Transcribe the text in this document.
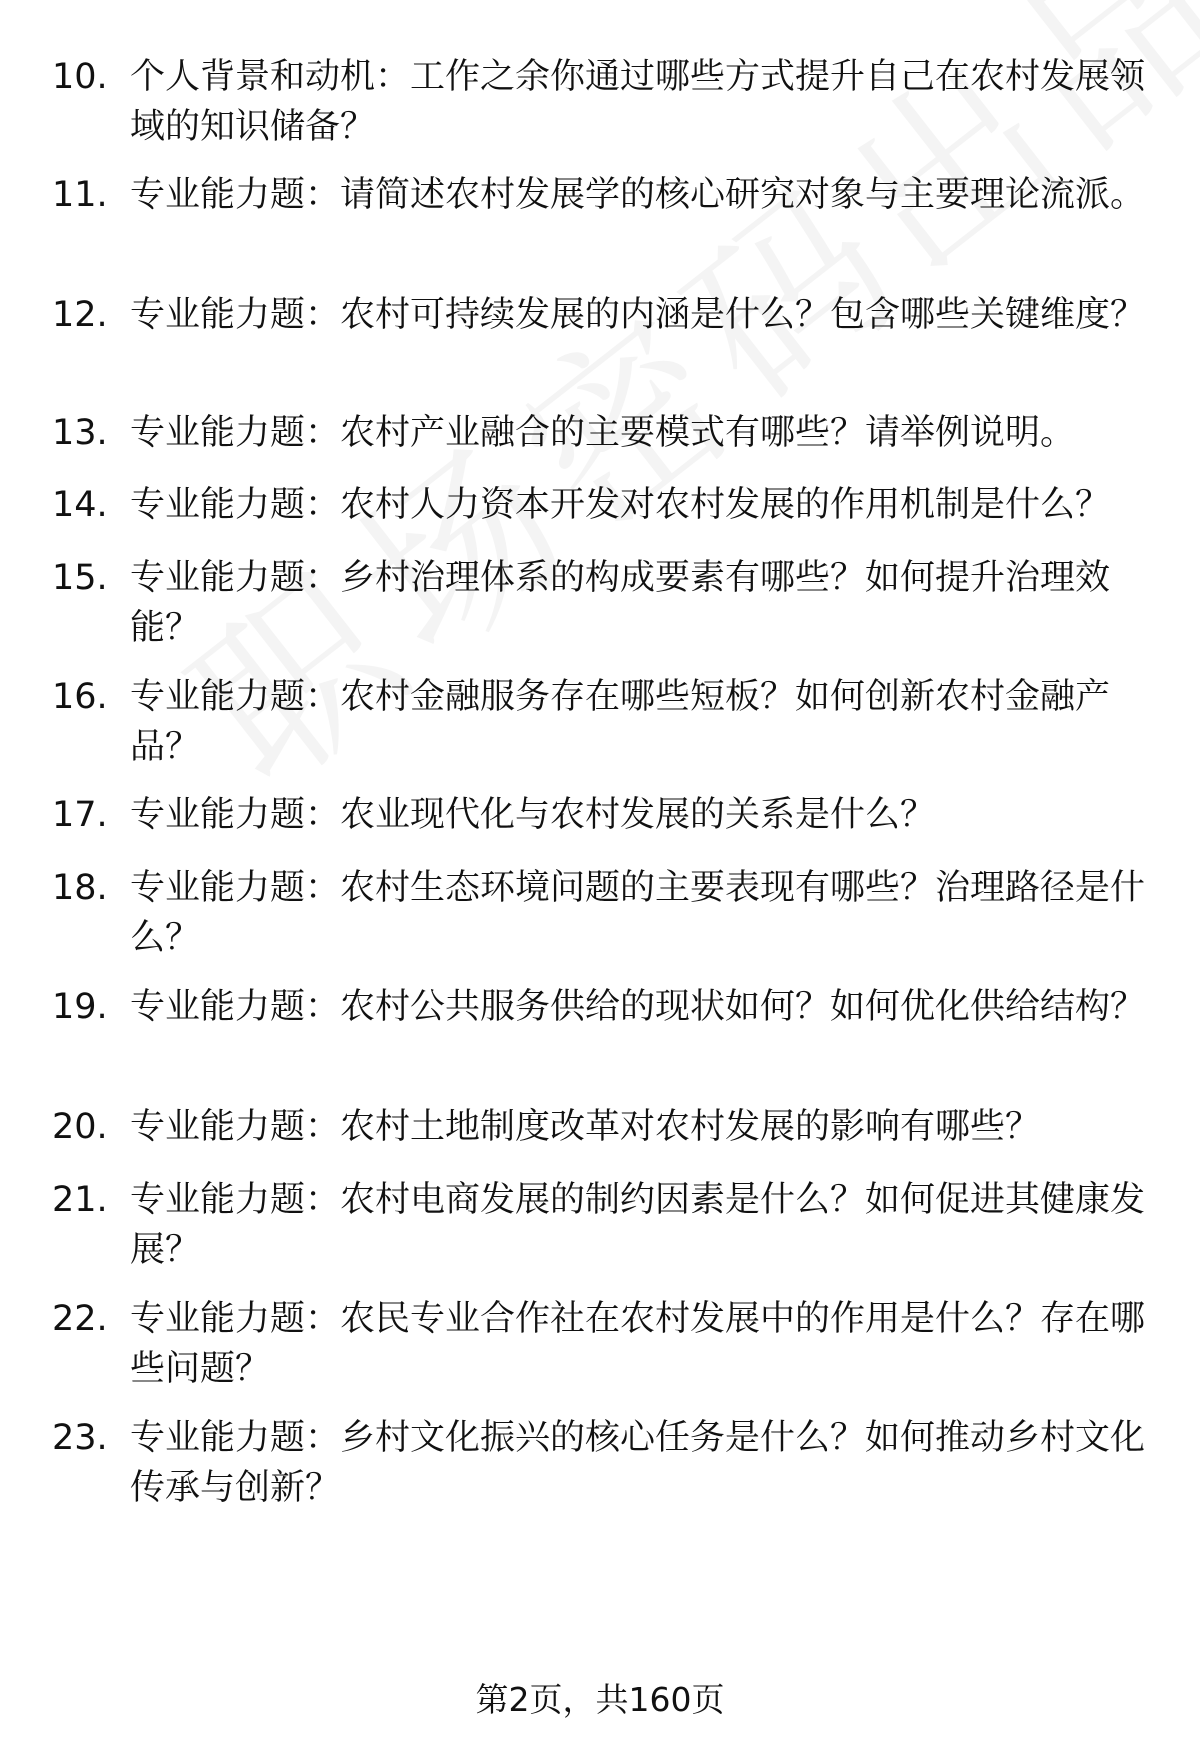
10. 个人背景和动机：工作之余你通过哪些方式提升自己在农村发展领域的知识储备？
11. 专业能力题：请简述农村发展学的核心研究对象与主要理论流派。
12. 专业能力题：农村可持续发展的内涵是什么？包含哪些关键维度？
13. 专业能力题：农村产业融合的主要模式有哪些？请举例说明。
14. 专业能力题：农村人力资本开发对农村发展的作用机制是什么？
15. 专业能力题：乡村治理体系的构成要素有哪些？如何提升治理效能？
16. 专业能力题：农村金融服务存在哪些短板？如何创新农村金融产品？
17. 专业能力题：农业现代化与农村发展的关系是什么？
18. 专业能力题：农村生态环境问题的主要表现有哪些？治理路径是什么？
19. 专业能力题：农村公共服务供给的现状如何？如何优化供给结构？
20. 专业能力题：农村土地制度改革对农村发展的影响有哪些？
21. 专业能力题：农村电商发展的制约因素是什么？如何促进其健康发展？
22. 专业能力题：农民专业合作社在农村发展中的作用是什么？存在哪些问题？
23. 专业能力题：乡村文化振兴的核心任务是什么？如何推动乡村文化传承与创新？
第2页，共160页
